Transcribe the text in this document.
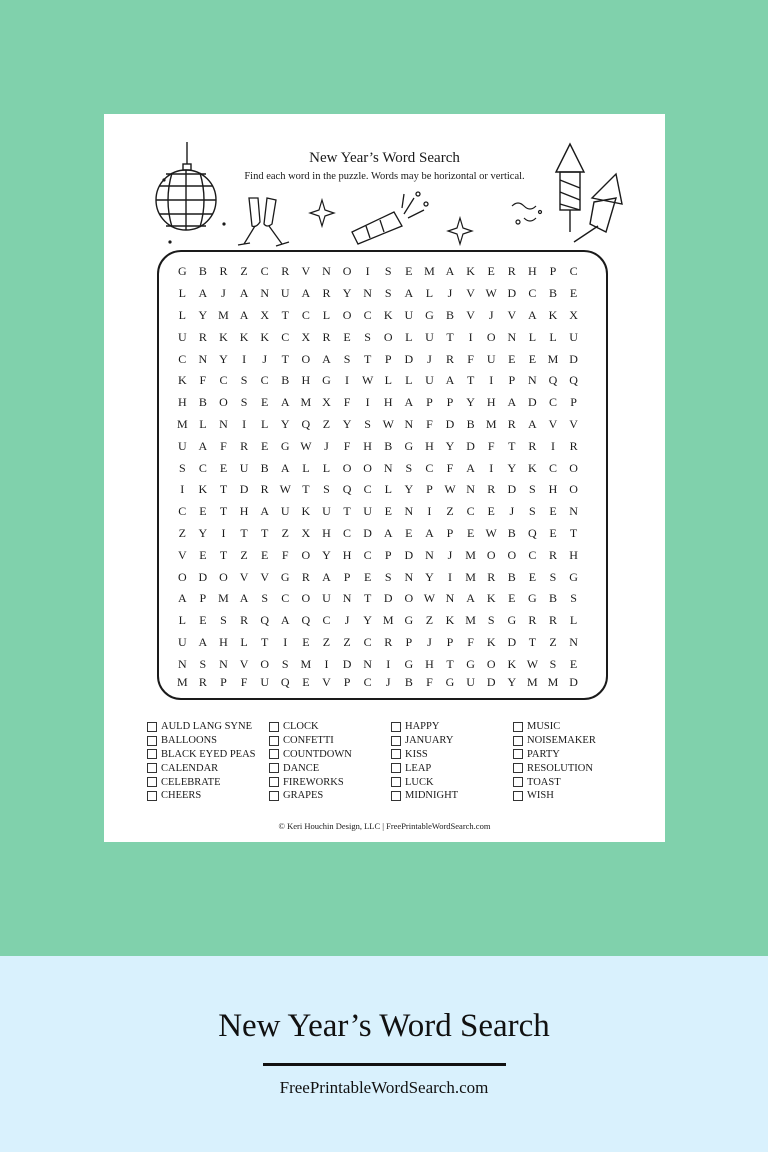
New Year’s Word Search
Find each word in the puzzle. Words may be horizontal or vertical.
G	B	R	Z	C	R	V N O	I	S	E M A K	E	R	H	P	C
L	A	J	A N U A	R	Y N	S	A	L	J	V W D	C	B	E
L	Y M A X	T	C	L	O	C	K U G	B	V	J	V A K X
U	R	K K K	C	X	R	E	S	O	L	U	T	I	O N	L	L	U
C	N Y	I	J	T	O A	S	T	P	D	J	R	F	U	E	E M D
K	F	C	S	C	B	H G	I	W L	L	U A	T	I	P	N Q Q
H	B	O	S	E	A M X	F	I	H A	P	P	Y H A D	C	P
M L	N	I	L	Y Q	Z	Y	S W N	F	D	B M R	A V V
U A	F	R	E	G W	J	F	H	B	G H Y D	F	T	R	I	R
S	C	E	U	B	A	L	L	O O N	S	C	F	A	I	Y K	C	O
I	K	T	D	R W T	S	Q	C	L	Y	P W N	R	D	S	H O
C	E	T	H A U K U	T	U	E	N	I	Z	C	E	J	S	E	N
Z	Y	I	T	T	Z	X H	C	D A	E	A	P	E W B	Q	E	T
V	E	T	Z	E	F	O Y H	C	P	D N	J	M O O	C	R	H
O D O V V G	R	A	P	E	S	N Y	I	M R	B	E	S	G
A	P M A	S	C	O U N	T	D O W N A K	E	G	B	S
L	E	S	R	Q A Q	C	J	Y M G	Z	K M S	G	R	R	L
U A H	L	T	I	E	Z	Z	C	R	P	J	P	F	K D	T	Z	N
N	S	N V O	S M	I	D N	I	G H	T	G O K W S	E
M R	P	F	U Q	E	V	P	C	J	B	F	G U D Y M M D
AULD LANG SYNE
BALLOONS
BLACK EYED PEAS
CALENDAR
CELEBRATE
CHEERS
CLOCK
CONFETTI
COUNTDOWN
DANCE
FIREWORKS
GRAPES
HAPPY
JANUARY
KISS
LEAP
LUCK
MIDNIGHT
MUSIC
NOISEMAKER
PARTY
RESOLUTION
TOAST
WISH
© Keri Houchin Design, LLC | FreePrintableWordSearch.com
New Year’s Word Search
FreePrintableWordSearch.com
